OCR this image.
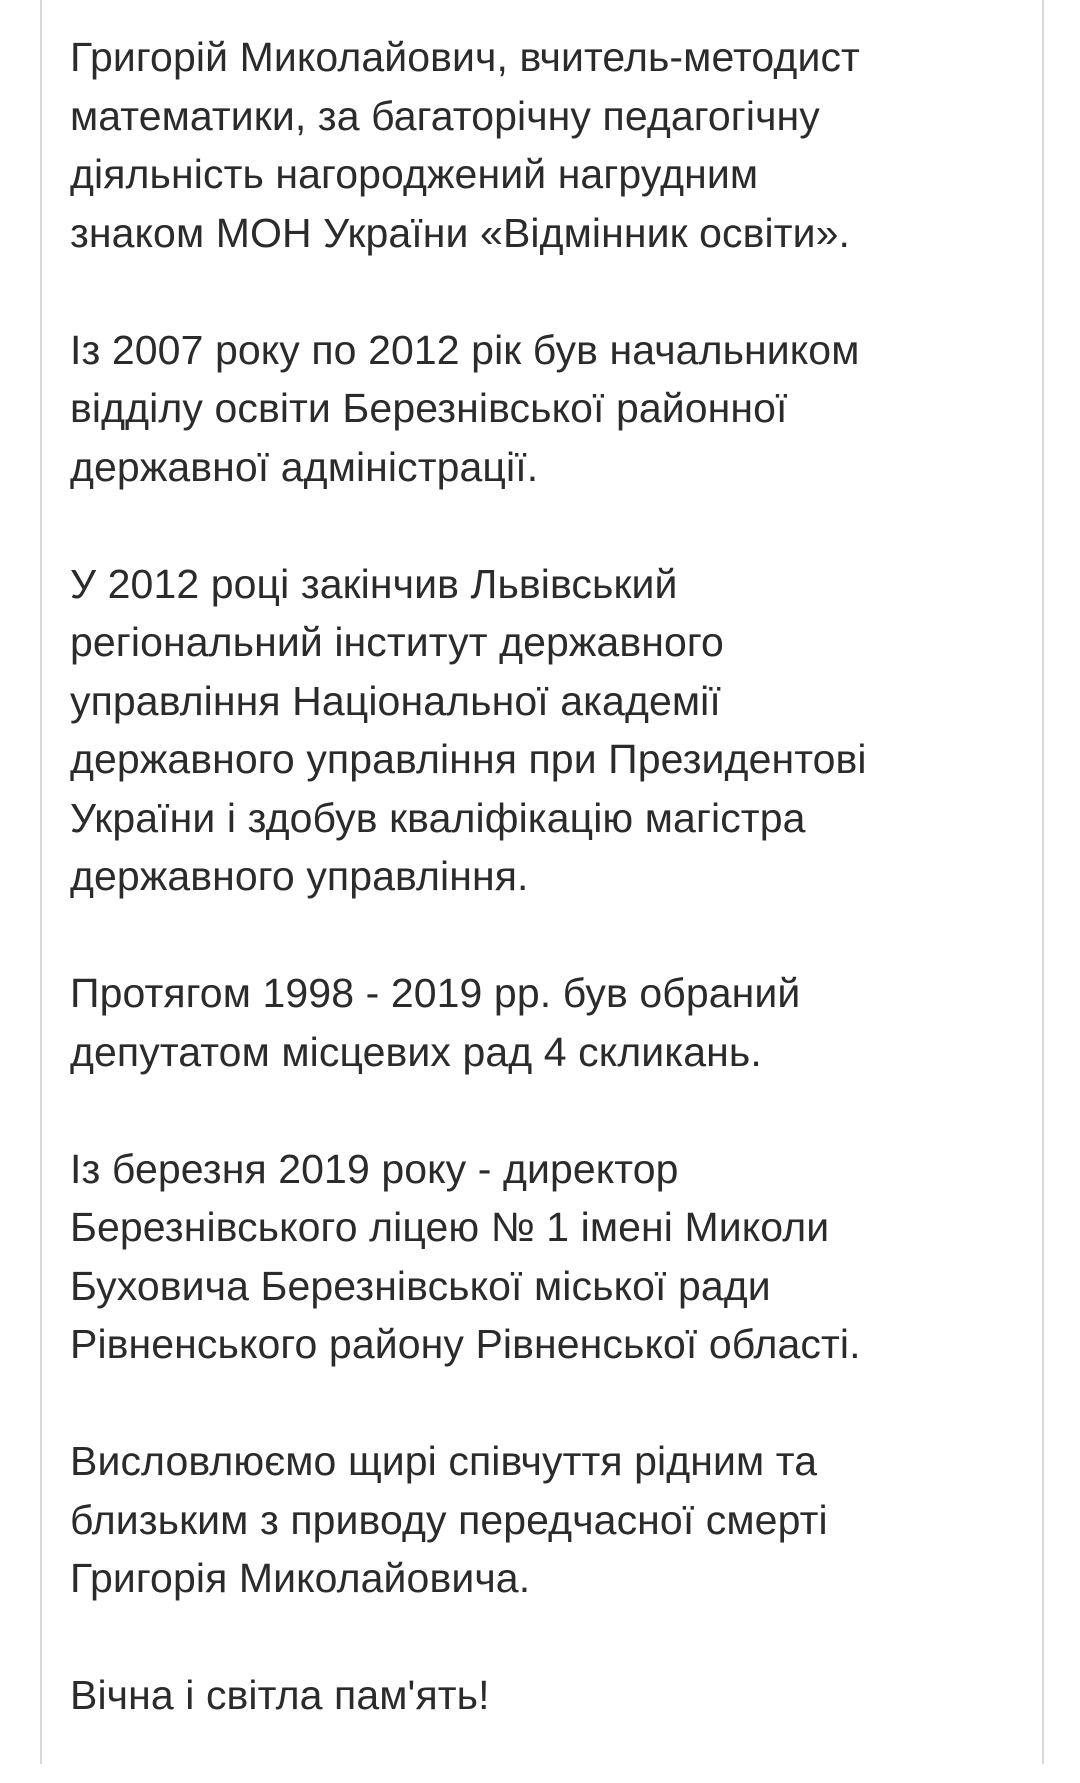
Григорій Миколайович, вчитель-методист
математики, за багаторічну педагогічну
діяльність нагороджений нагрудним
знаком МОН України «Відмінник освіти».

Із 2007 року по 2012 рік був начальником
відділу освіти Березнівської районної
державної адміністрації.

У 2012 році закінчив Львівський
регіональний інститут державного
управління Національної академії
державного управління при Президентові
України і здобув кваліфікацію магістра
державного управління.

Протягом 1998 - 2019 рр. був обраний
депутатом місцевих рад 4 скликань.

Із березня 2019 року - директор
Березнівського ліцею № 1 імені Миколи
Буховича Березнівської міської ради
Рівненського району Рівненської області.

Висловлюємо щирі співчуття рідним та
близьким з приводу передчасної смерті
Григорія Миколайовича.

Вічна і світла пам'ять!
